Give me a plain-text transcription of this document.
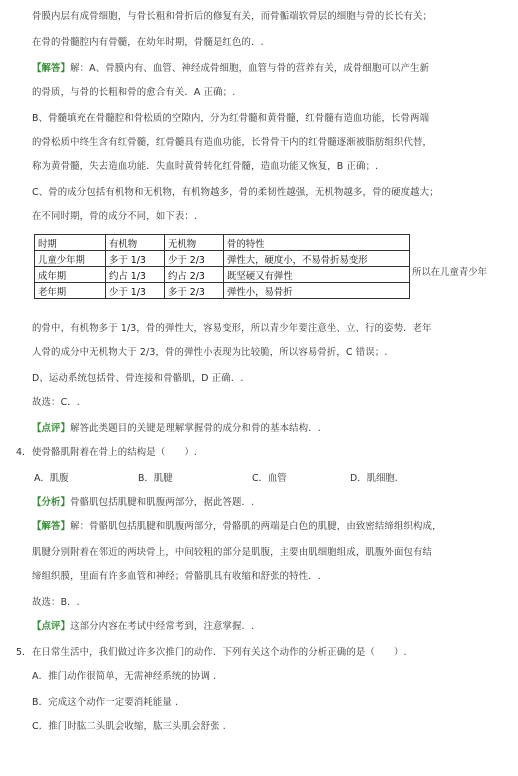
骨膜内层有成骨细胞，与骨长粗和骨折后的修复有关，而骨骺端软骨层的细胞与骨的长长有关；
在骨的骨髓腔内有骨髓，在幼年时期，骨髓是红色的．.
【解答】解：A、骨膜内有、血管、神经成骨细胞，血管与骨的营养有关，成骨细胞可以产生新
的骨质，与骨的长粗和骨的愈合有关．A 正确；.
B、骨髓填充在骨髓腔和骨松质的空隙内，分为红骨髓和黄骨髓，红骨髓有造血功能，长骨两端
的骨松质中终生含有红骨髓，红骨髓具有造血功能，长骨骨干内的红骨髓逐渐被脂肪组织代替，
称为黄骨髓，失去造血功能．失血时黄骨转化红骨髓，造血功能又恢复，B 正确；.
C、骨的成分包括有机物和无机物，有机物越多，骨的柔韧性越强，无机物越多，骨的硬度越大；
在不同时期，骨的成分不同，如下表：.
时期	有机物	无机物	骨的特性
儿童少年期	多于 1/3	少于 2/3	弹性大，硬度小，不易骨折易变形
成年期	约占 1/3	约占 2/3	既坚硬又有弹性
老年期	少于 1/3	多于 2/3	弹性小，易骨折
所以在儿童青少年
的骨中，有机物多于 1/3，骨的弹性大，容易变形，所以青少年要注意坐、立、行的姿势．老年
人骨的成分中无机物大于 2/3，骨的弹性小表现为比较脆，所以容易骨折，C 错误；.
D、运动系统包括骨、骨连接和骨骼肌，D 正确．.
故选：C．.
【点评】解答此类题目的关键是理解掌握骨的成分和骨的基本结构．.
4． 使骨骼肌附着在骨上的结构是（　　）.
A．肌腹	B．肌腱	C．血管	D．肌细胞.
【分析】骨骼肌包括肌腱和肌腹两部分，据此答题．.
【解答】解：骨骼肌包括肌腱和肌腹两部分，骨骼肌的两端是白色的肌腱，由致密结缔组织构成，
肌腱分别附着在邻近的两块骨上，中间较粗的部分是肌腹，主要由肌细胞组成，肌腹外面包有结
缔组织膜，里面有许多血管和神经；骨骼肌具有收缩和舒张的特性．.
故选：B．.
【点评】这部分内容在考试中经常考到，注意掌握．.
5． 在日常生活中，我们做过许多次推门的动作．下列有关这个动作的分析正确的是（　　）.
A．推门动作很简单，无需神经系统的协调 .
B．完成这个动作一定要消耗能量 .
C．推门时肱二头肌会收缩，肱三头肌会舒张 .
